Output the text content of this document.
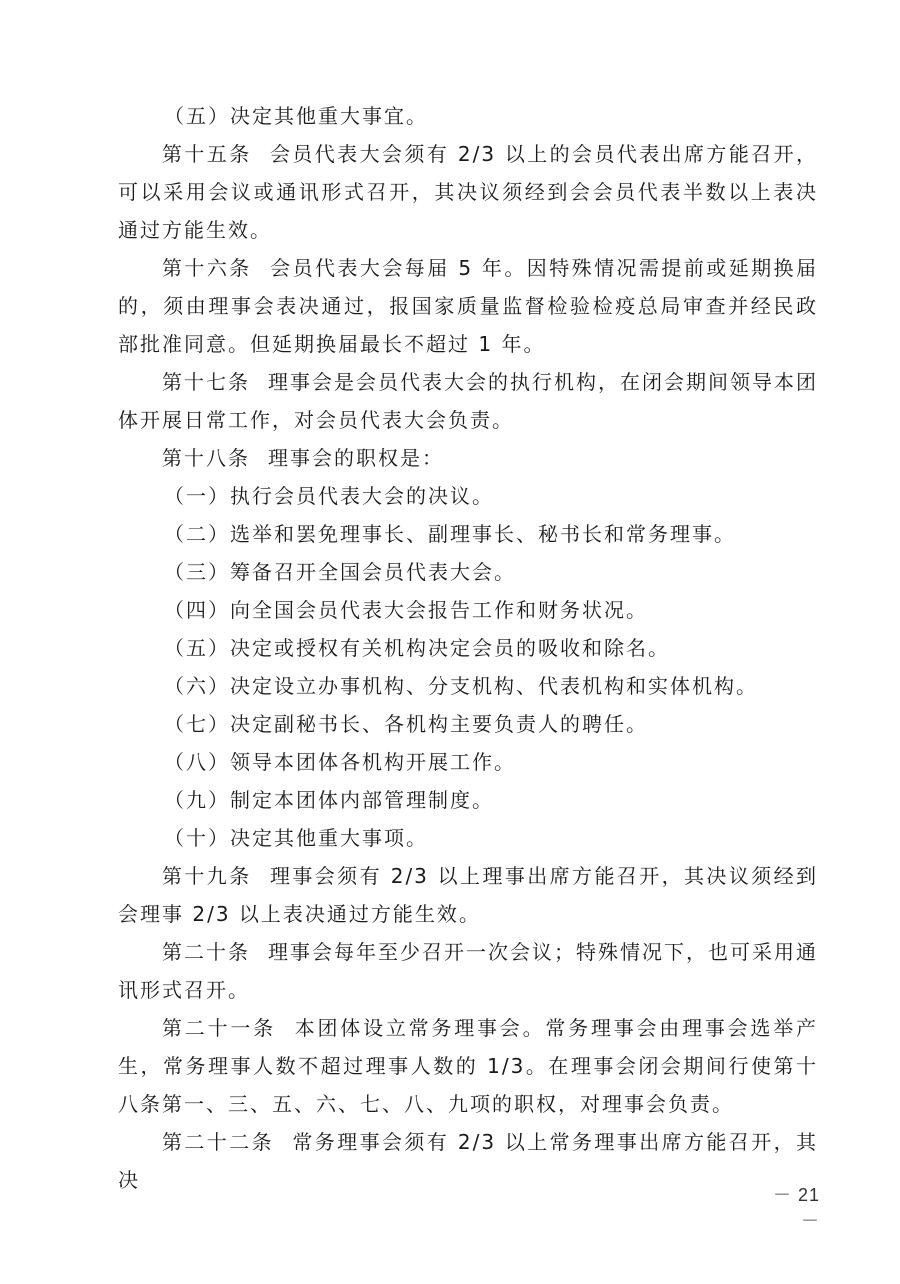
（五）决定其他重大事宜。

第十五条 会员代表大会须有 2/3 以上的会员代表出席方能召开，可以采用会议或通讯形式召开，其决议须经到会会员代表半数以上表决通过方能生效。

第十六条 会员代表大会每届 5 年。因特殊情况需提前或延期换届的，须由理事会表决通过，报国家质量监督检验检疫总局审查并经民政部批准同意。但延期换届最长不超过 1 年。

第十七条 理事会是会员代表大会的执行机构，在闭会期间领导本团体开展日常工作，对会员代表大会负责。

第十八条 理事会的职权是：

（一）执行会员代表大会的决议。

（二）选举和罢免理事长、副理事长、秘书长和常务理事。

（三）筹备召开全国会员代表大会。

（四）向全国会员代表大会报告工作和财务状况。

（五）决定或授权有关机构决定会员的吸收和除名。

（六）决定设立办事机构、分支机构、代表机构和实体机构。

（七）决定副秘书长、各机构主要负责人的聘任。

（八）领导本团体各机构开展工作。

（九）制定本团体内部管理制度。

（十）决定其他重大事项。

第十九条 理事会须有 2/3 以上理事出席方能召开，其决议须经到会理事 2/3 以上表决通过方能生效。

第二十条 理事会每年至少召开一次会议；特殊情况下，也可采用通讯形式召开。

第二十一条 本团体设立常务理事会。常务理事会由理事会选举产生，常务理事人数不超过理事人数的 1/3。在理事会闭会期间行使第十八条第一、三、五、六、七、八、九项的职权，对理事会负责。

第二十二条 常务理事会须有 2/3 以上常务理事出席方能召开，其决

－ 21 －
